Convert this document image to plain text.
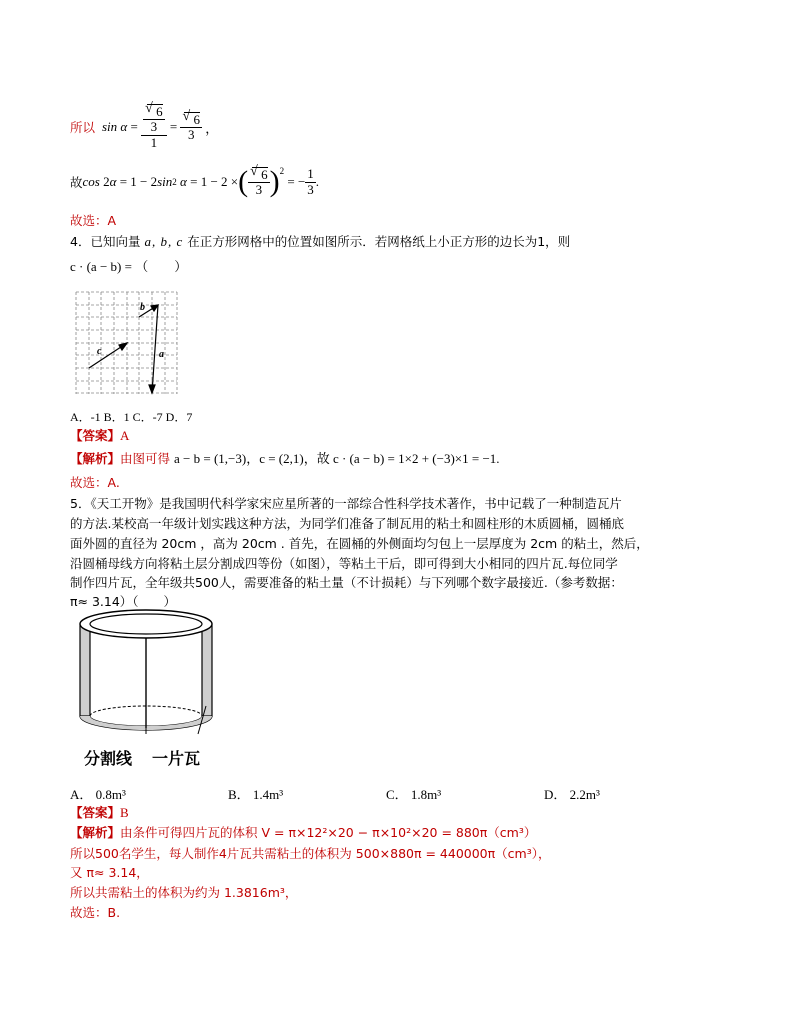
所以 sin
α = √ $\frac{\frac{6}{3}}{1}$ = √ $\frac{6}{3}$ ，
故 cos 2 α = 1 − 2 sin 2
α = 1 − 2 × ( √ $\frac{6}{3} )^2$
= − $\frac{1}{3}$ .
故选：A
4．已知向量 a, b, c 在正方形网格中的位置如图所示．若网格纸上小正方形的边长为1，则
c · (a − b) = （　　）
b
a
c
A．-1 B．1 C．-7 D．7
【答案】A
【解析】由图可得 a − b = (1,−3)，c = (2,1)，故 c · (a − b) = 1×2 + (−3)×1 = −1.
故选：A.
5．《天工开物》是我国明代科学家宋应星所著的一部综合性科学技术著作，书中记载了一种制造瓦片
的方法.某校高一年级计划实践这种方法，为同学们准备了制瓦用的粘土和圆柱形的木质圆桶，圆桶底
面外圆的直径为 20cm ，高为 20cm . 首先，在圆桶的外侧面均匀包上一层厚度为 2cm 的粘土，然后，
沿圆桶母线方向将粘土层分割成四等份（如图），等粘土干后，即可得到大小相同的四片瓦.每位同学
制作四片瓦，全年级共500人，需要准备的粘土量（不计损耗）与下列哪个数字最接近.（参考数据：
π≈ 3.14）（　　）
分割线 一片瓦
A． 0.8m³	B． 1.4m³	C． 1.8m³	D． 2.2m³
【答案】B
【解析】由条件可得四片瓦的体积 V = π×12²×20 − π×10²×20 = 880π（cm³）
所以500名学生，每人制作4片瓦共需粘土的体积为 500×880π = 440000π（cm³），
又 π≈ 3.14，
所以共需粘土的体积为约为 1.3816m³，
故选：B.
